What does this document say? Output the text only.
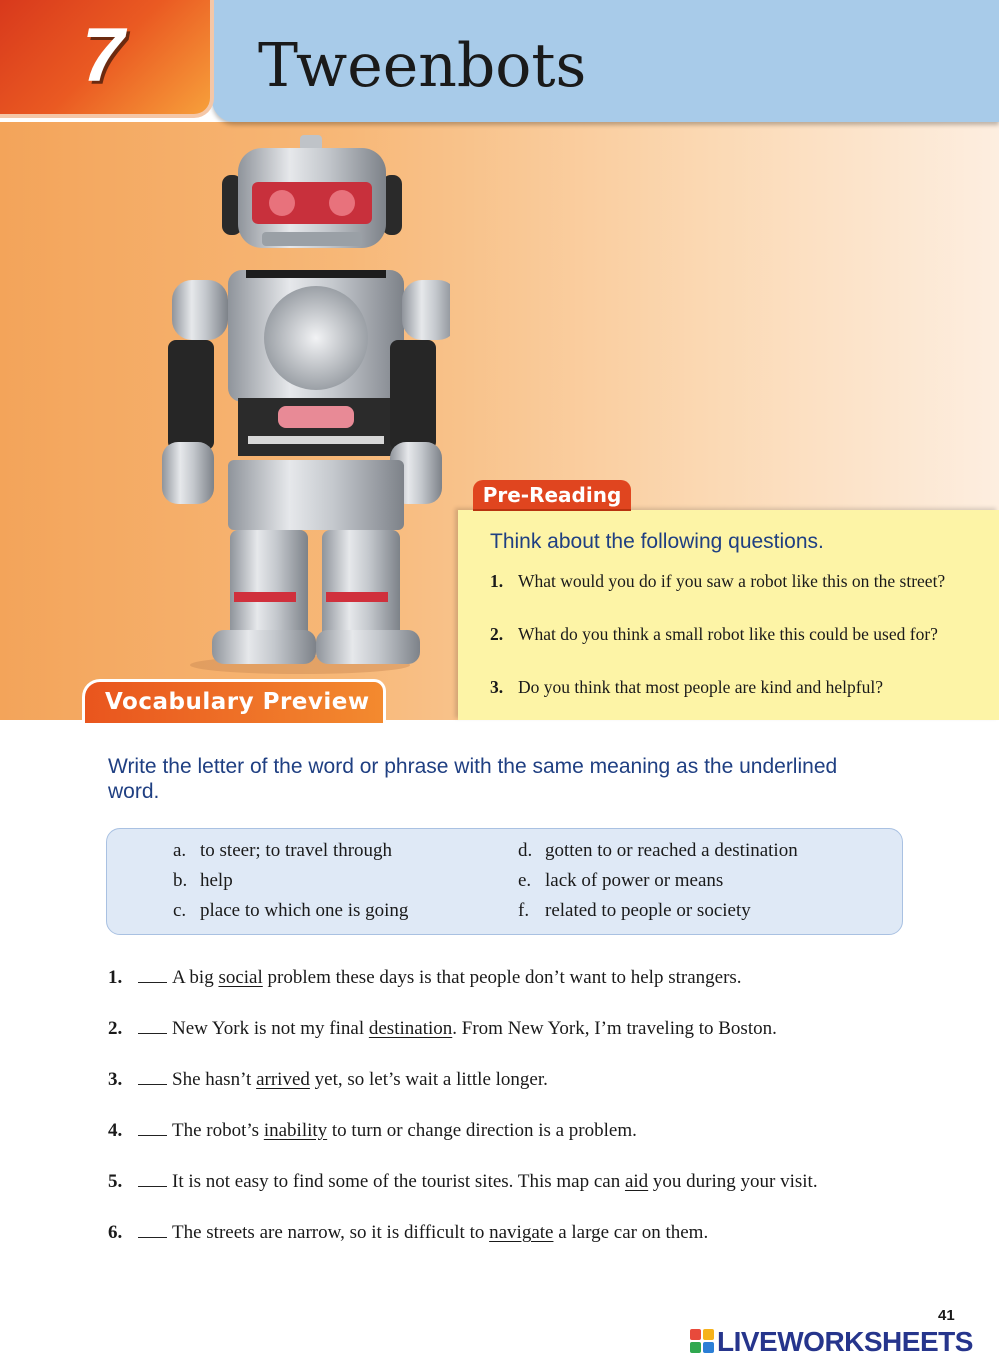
7 Tweenbots
Pre-Reading
Think about the following questions.
1. What would you do if you saw a robot like this on the street?
2. What do you think a small robot like this could be used for?
3. Do you think that most people are kind and helpful?
Vocabulary Preview
Write the letter of the word or phrase with the same meaning as the underlined word.
a. to steer; to travel through
b. help
c. place to which one is going
d. gotten to or reached a destination
e. lack of power or means
f. related to people or society
1.	A big social problem these days is that people don’t want to help strangers.
2.	New York is not my final destination. From New York, I’m traveling to Boston.
3.	She hasn’t arrived yet, so let’s wait a little longer.
4.	The robot’s inability to turn or change direction is a problem.
5.	It is not easy to find some of the tourist sites. This map can aid you during your visit.
6.	The streets are narrow, so it is difficult to navigate a large car on them.
41
LIVEWORKSHEETS
